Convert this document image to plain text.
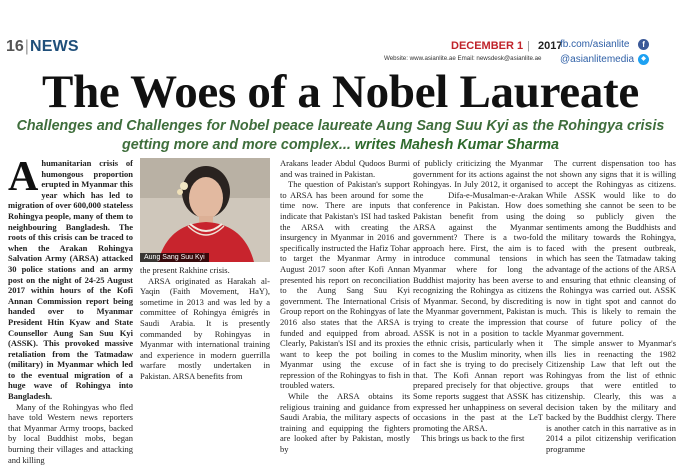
16|NEWS	DECEMBER 1 | 2017
Website: www.asianlite.ae Email: newsdesk@asianlite.ae
fb.com/asianlite	f
@asianlitemedia	◆
The Woes of a Nobel Laureate
Challenges and Challenges for Nobel peace laureate Aung Sang Suu Kyi as the Rohingya crisis getting more and more complex... writes Mahesh Kumar Sharma

Ahumanitarian crisis of humongous proportion erupted in Myanmar this year which has led to migration of over 600,000 stateless Rohingya people, many of them to neighbouring Bangladesh. The roots of this crisis can be traced to when the Arakan Rohingya Salvation Army (ARSA) attacked 30 police stations and an army post on the night of 24-25 August 2017 within hours of the Kofi Annan Commission report being handed over to Myanmar President Htin Kyaw and State Counsellor Aung San Suu Kyi (ASSK). This provoked massive retaliation from the Tatmadaw (military) in Myanmar which led to the eventual migration of a huge wave of Rohingya into Bangladesh.

Many of the Rohingyas who fled have told Western news reporters that Myanmar Army troops, backed by local Buddhist mobs, began burning their villages and attacking and killing

Aung Sang Suu Kyi

the present Rakhine crisis.

ARSA originated as Harakah al-Yaqin (Faith Movement, HaY), sometime in 2013 and was led by a committee of Rohingya émigrés in Saudi Arabia. It is presently commanded by Rohingyas in Myanmar with international training and experience in modern guerrilla warfare mostly undertaken in Pakistan. ARSA benefits from

Arakans leader Abdul Qudoos Burmi and was trained in Pakistan.

The question of Pakistan's support to ARSA has been around for some time now. There are inputs that indicate that Pakistan's ISI had tasked the ARSA with creating the insurgency in Myanmar in 2016 and specifically instructed the Hafiz Tohar to target the Myanmar Army in August 2017 soon after Kofi Annan presented his report on reconciliation to the Aung Sang Suu Kyi government. The International Crisis Group report on the Rohingyas of late 2016 also states that the ARSA is funded and equipped from abroad. Clearly, Pakistan's ISI and its proxies want to keep the pot boiling in Myanmar using the excuse of repression of the Rohingyas to fish in troubled waters.

While the ARSA obtains its religious training and guidance from Saudi Arabia, the military aspects of training and equipping the fighters are looked after by Pakistan, mostly by

of publicly criticizing the Myanmar government for its actions against the Rohingyas. In July 2012, it organised the Difa-e-Musalman-e-Arakan conference in Pakistan. How does Pakistan benefit from using the ARSA against the Myanmar government? There is a two-fold approach here. First, the aim is to introduce communal tensions in Myanmar where for long the Buddhist majority has been averse to recognizing the Rohingya as citizens of Myanmar. Second, by discrediting the Myanmar government, Pakistan is trying to create the impression that ASSK is not in a position to tackle the ethnic crisis, particularly when it comes to the Muslim minority, when in fact she is trying to do precisely that. The Kofi Annan report was prepared precisely for that objective. Some reports suggest that ASSK has expressed her unhappiness on several occasions in the past at the LeT promoting the ARSA.

This brings us back to the first

The current dispensation too has not shown any signs that it is willing to accept the Rohingyas as citizens. While ASSK would like to do something she cannot be seen to be doing so publicly given the sentiments among the Buddhists and the military towards the Rohingya, faced with the present outbreak, which has seen the Tatmadaw taking advantage of the actions of the ARSA and ensuring that ethnic cleansing of the Rohingya was carried out. ASSK is now in tight spot and cannot do much. This is likely to remain the course of future policy of the Myanmar government.

The simple answer to Myanmar's ills lies in reenacting the 1982 Citizenship Law that left out the Rohingyas from the list of ethnic groups that were entitled to citizenship. Clearly, this was a decision taken by the military and backed by the Buddhist clergy. There is another catch in this narrative as in 2014 a pilot citizenship verification programme
